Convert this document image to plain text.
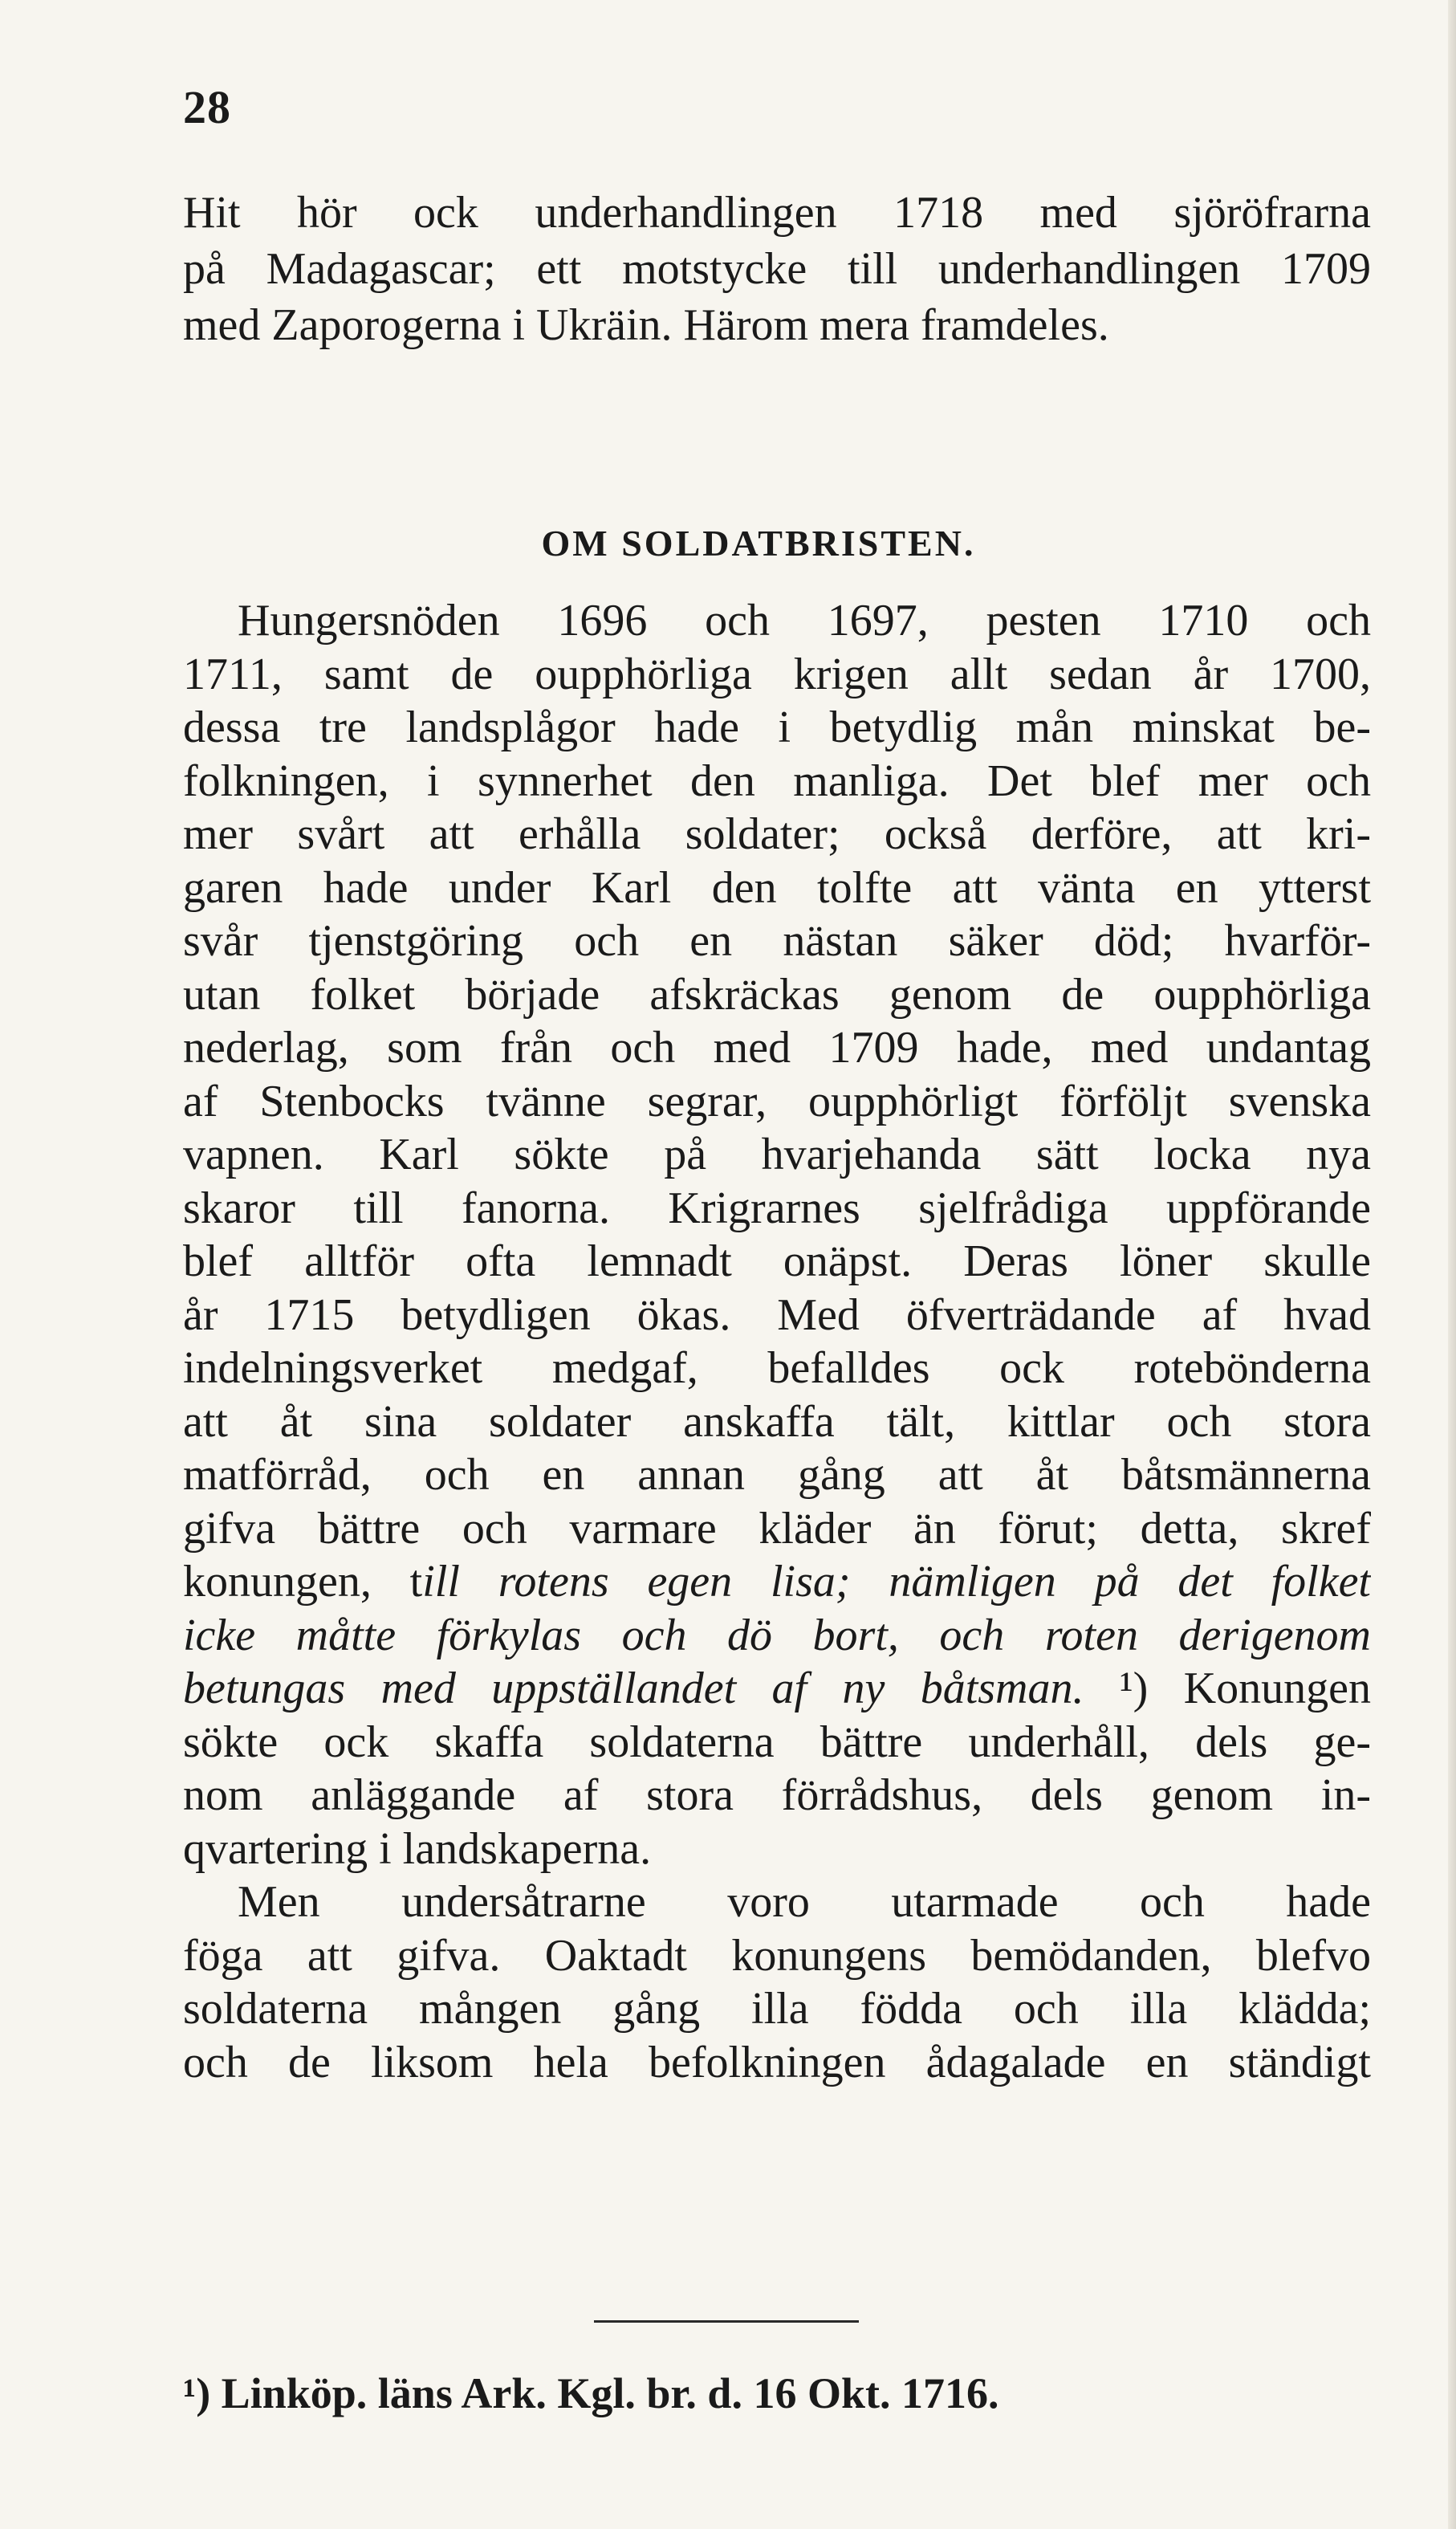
28
Hit hör ock underhandlingen 1718 med sjöröfrarna
på Madagascar; ett motstycke till underhandlingen 1709
med Zaporogerna i Ukräin. Härom mera framdeles.
OM SOLDATBRISTEN.
Hungersnöden 1696 och 1697, pesten 1710 och
1711, samt de oupphörliga krigen allt sedan år 1700,
dessa tre landsplågor hade i betydlig mån minskat be-
folkningen, i synnerhet den manliga. Det blef mer och
mer svårt att erhålla soldater; också derföre, att kri-
garen hade under Karl den tolfte att vänta en ytterst
svår tjenstgöring och en nästan säker död; hvarför-
utan folket började afskräckas genom de oupphörliga
nederlag, som från och med 1709 hade, med undantag
af Stenbocks tvänne segrar, oupphörligt förföljt svenska
vapnen. Karl sökte på hvarjehanda sätt locka nya
skaror till fanorna. Krigrarnes sjelfrådiga uppförande
blef alltför ofta lemnadt onäpst. Deras löner skulle
år 1715 betydligen ökas. Med öfverträdande af hvad
indelningsverket medgaf, befalldes ock rotebönderna
att åt sina soldater anskaffa tält, kittlar och stora
matförråd, och en annan gång att åt båtsmännerna
gifva bättre och varmare kläder än förut; detta, skref
konungen, till rotens egen lisa; nämligen på det folket
icke måtte förkylas och dö bort, och roten derigenom
betungas med uppställandet af ny båtsman. ¹) Konungen
sökte ock skaffa soldaterna bättre underhåll, dels ge-
nom anläggande af stora förrådshus, dels genom in-
qvartering i landskaperna.
Men undersåtrarne voro utarmade och hade
föga att gifva. Oaktadt konungens bemödanden, blefvo
soldaterna mången gång illa födda och illa klädda;
och de liksom hela befolkningen ådagalade en ständigt
¹) Linköp. läns Ark. Kgl. br. d. 16 Okt. 1716.
